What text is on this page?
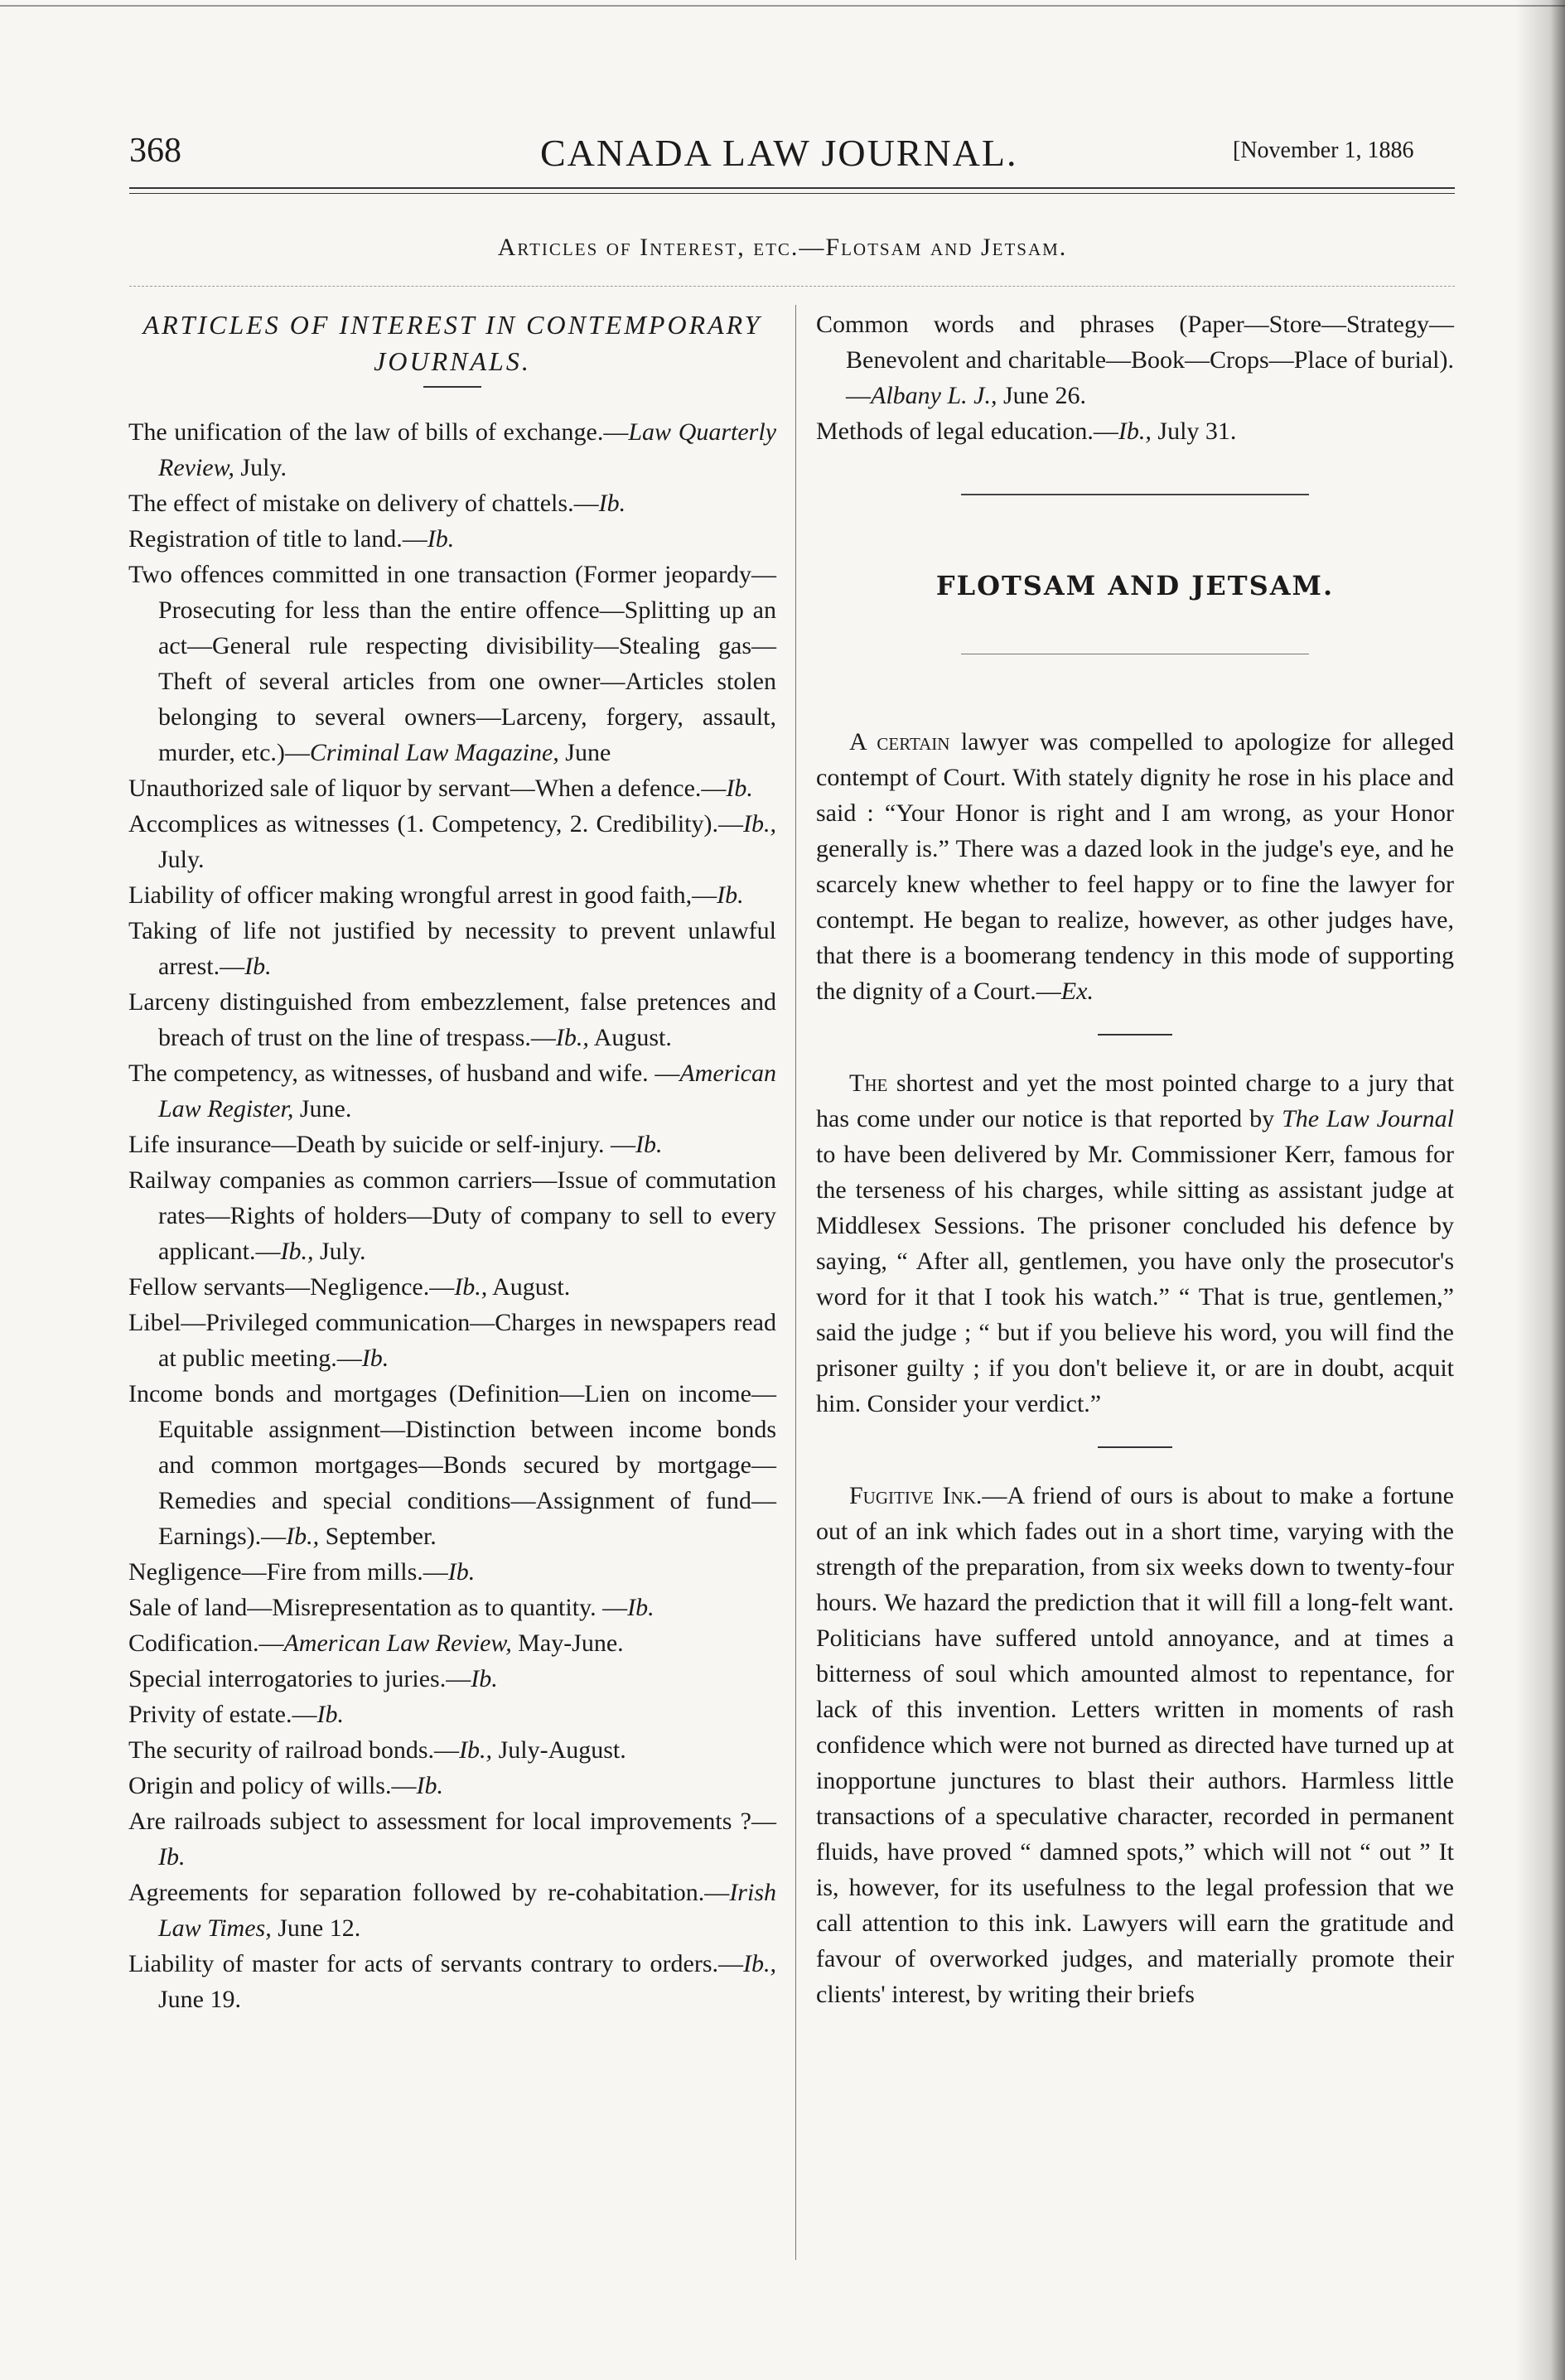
368	CANADA LAW JOURNAL.	[November 1, 1886
Articles of Interest, etc.—Flotsam and Jetsam.
ARTICLES OF INTEREST IN CONTEMPORARY JOURNALS.

The unification of the law of bills of exchange.—Law Quarterly Review, July.

The effect of mistake on delivery of chattels.—Ib.

Registration of title to land.—Ib.

Two offences committed in one transaction (Former jeopardy—Prosecuting for less than the entire offence—Splitting up an act—General rule respecting divisibility—Stealing gas—Theft of several articles from one owner—Articles stolen belonging to several owners—Larceny, forgery, assault, murder, etc.)—Criminal Law Magazine, June

Unauthorized sale of liquor by servant—When a defence.—Ib.

Accomplices as witnesses (1. Competency, 2. Credibility).—Ib., July.

Liability of officer making wrongful arrest in good faith,—Ib.

Taking of life not justified by necessity to prevent unlawful arrest.—Ib.

Larceny distinguished from embezzlement, false pretences and breach of trust on the line of trespass.—Ib., August.

The competency, as witnesses, of husband and wife. —American Law Register, June.

Life insurance—Death by suicide or self-injury. —Ib.

Railway companies as common carriers—Issue of commutation rates—Rights of holders—Duty of company to sell to every applicant.—Ib., July.

Fellow servants—Negligence.—Ib., August.

Libel—Privileged communication—Charges in newspapers read at public meeting.—Ib.

Income bonds and mortgages (Definition—Lien on income—Equitable assignment—Distinction between income bonds and common mortgages—Bonds secured by mortgage—Remedies and special conditions—Assignment of fund—Earnings).—Ib., September.

Negligence—Fire from mills.—Ib.

Sale of land—Misrepresentation as to quantity. —Ib.

Codification.—American Law Review, May-June.

Special interrogatories to juries.—Ib.

Privity of estate.—Ib.

The security of railroad bonds.—Ib., July-August.

Origin and policy of wills.—Ib.

Are railroads subject to assessment for local improvements ?—Ib.

Agreements for separation followed by re-cohabitation.—Irish Law Times, June 12.

Liability of master for acts of servants contrary to orders.—Ib., June 19.

Common words and phrases (Paper—Store—Strategy—Benevolent and charitable—Book—Crops—Place of burial).—Albany L. J., June 26.

Methods of legal education.—Ib., July 31.

FLOTSAM AND JETSAM.

A certain lawyer was compelled to apologize for alleged contempt of Court. With stately dignity he rose in his place and said : “Your Honor is right and I am wrong, as your Honor generally is.” There was a dazed look in the judge's eye, and he scarcely knew whether to feel happy or to fine the lawyer for contempt. He began to realize, however, as other judges have, that there is a boomerang tendency in this mode of supporting the dignity of a Court.—Ex.

The shortest and yet the most pointed charge to a jury that has come under our notice is that reported by The Law Journal to have been delivered by Mr. Commissioner Kerr, famous for the terseness of his charges, while sitting as assistant judge at Middlesex Sessions. The prisoner concluded his defence by saying, “ After all, gentlemen, you have only the prosecutor's word for it that I took his watch.” “ That is true, gentlemen,” said the judge ; “ but if you believe his word, you will find the prisoner guilty ; if you don't believe it, or are in doubt, acquit him. Consider your verdict.”

Fugitive Ink.—A friend of ours is about to make a fortune out of an ink which fades out in a short time, varying with the strength of the preparation, from six weeks down to twenty-four hours. We hazard the prediction that it will fill a long-felt want. Politicians have suffered untold annoyance, and at times a bitterness of soul which amounted almost to repentance, for lack of this invention. Letters written in moments of rash confidence which were not burned as directed have turned up at inopportune junctures to blast their authors. Harmless little transactions of a speculative character, recorded in permanent fluids, have proved “ damned spots,” which will not “ out ” It is, however, for its usefulness to the legal profession that we call attention to this ink. Lawyers will earn the gratitude and favour of overworked judges, and materially promote their clients' interest, by writing their briefs
